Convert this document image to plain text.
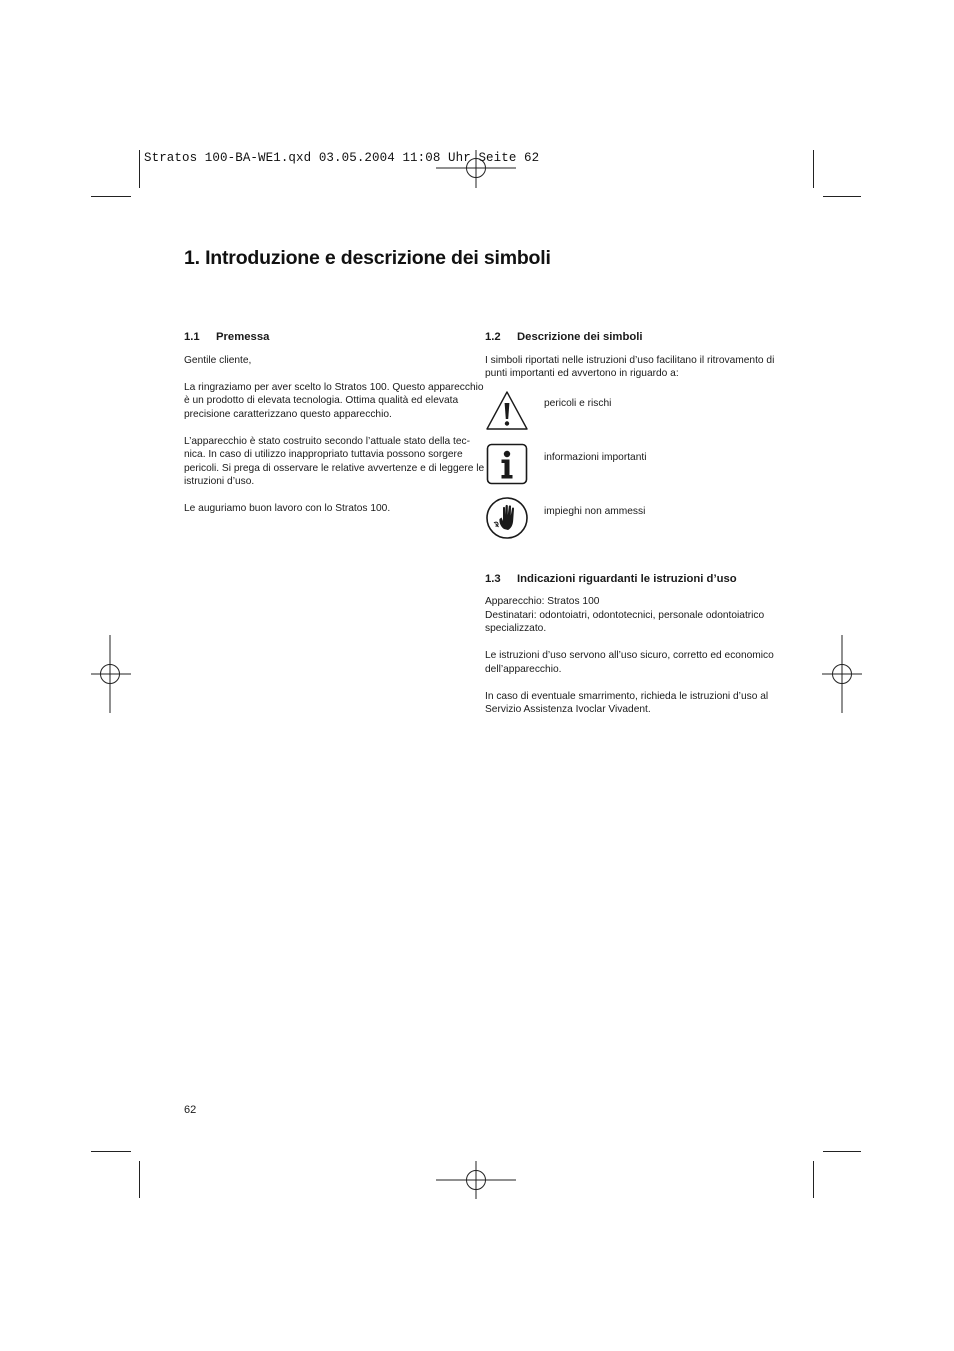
Stratos 100-BA-WE1.qxd 03.05.2004 11:08 Uhr Seite 62
1. Introduzione e descrizione dei simboli
1.1 Premessa

Gentile cliente,

La ringraziamo per aver scelto lo Stratos 100. Questo apparecchio
è un prodotto di elevata tecnologia. Ottima qualità ed elevata
precisione caratterizzano questo apparecchio.

L’apparecchio è stato costruito secondo l’attuale stato della tec-
nica. In caso di utilizzo inappropriato tuttavia possono sorgere
pericoli. Si prega di osservare le relative avvertenze e di leggere le
istruzioni d’uso.

Le auguriamo buon lavoro con lo Stratos 100.

1.2 Descrizione dei simboli

I simboli riportati nelle istruzioni d’uso facilitano il ritrovamento di
punti importanti ed avvertono in riguardo a:

pericoli e rischi
informazioni importanti
impieghi non ammessi
1.3 Indicazioni riguardanti le istruzioni d’uso

Apparecchio: Stratos 100
Destinatari: odontoiatri, odontotecnici, personale odontoiatrico
specializzato.

Le istruzioni d’uso servono all’uso sicuro, corretto ed economico
dell’apparecchio.

In caso di eventuale smarrimento, richieda le istruzioni d’uso al
Servizio Assistenza Ivoclar Vivadent.

62
